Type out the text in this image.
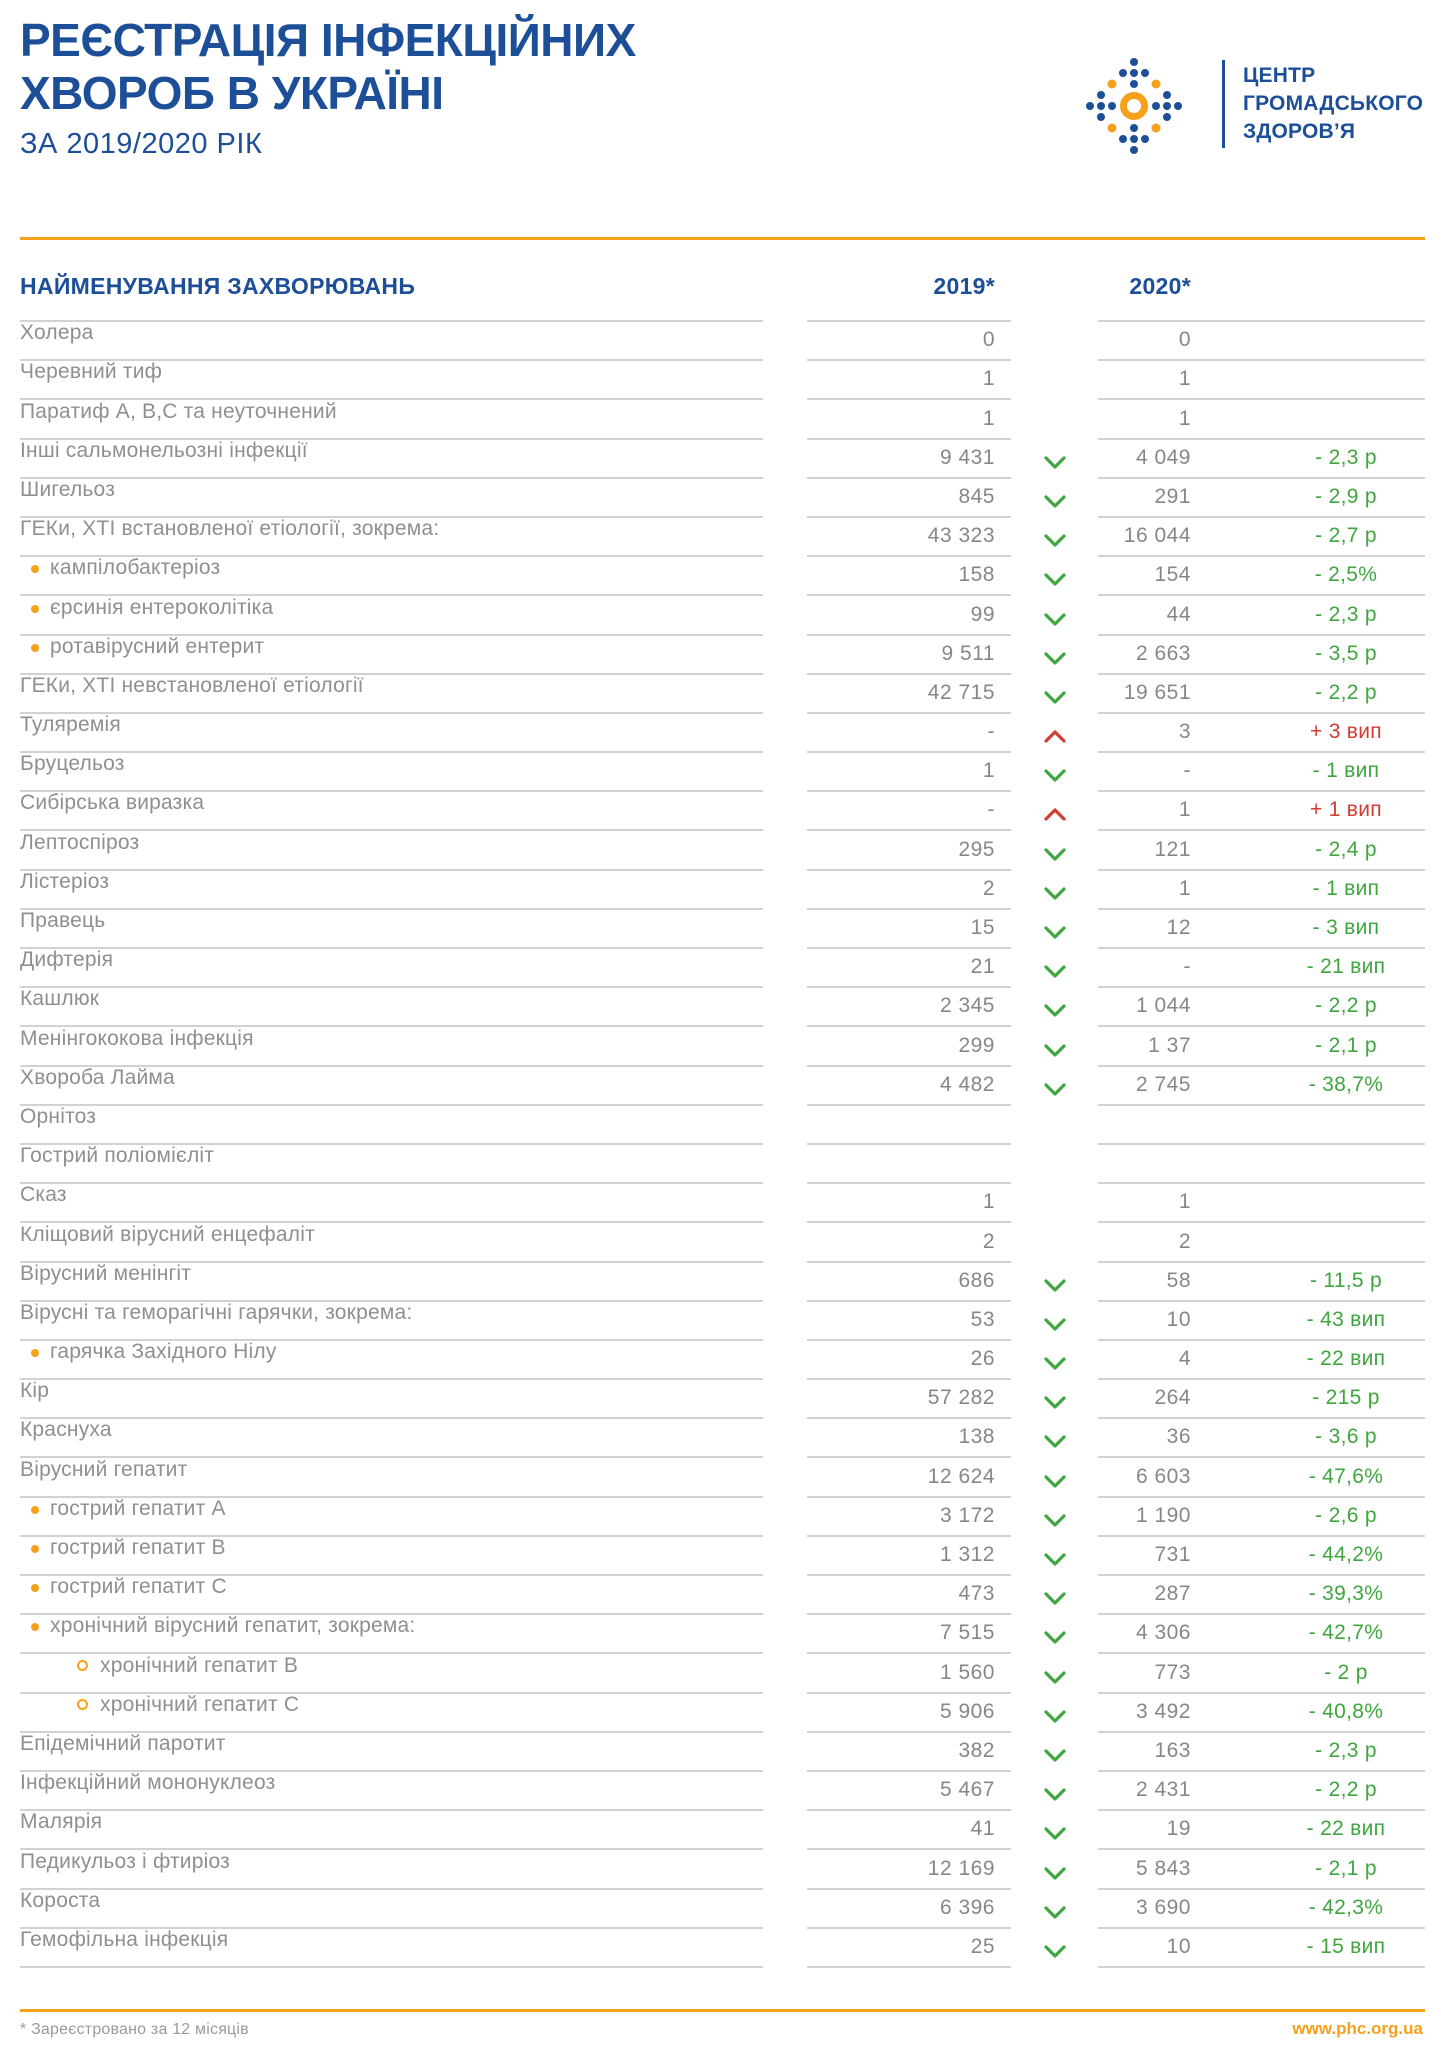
РЕЄСТРАЦІЯ ІНФЕКЦІЙНИХ
ХВОРОБ В УКРАЇНІ
ЗА 2019/2020 РІК
ЦЕНТР
ГРОМАДСЬКОГО
ЗДОРОВ’Я
НАЙМЕНУВАННЯ ЗАХВОРЮВАНЬ	2019*	2020*
Холера	0	0
Черевний тиф	1	1
Паратиф А, В,С та неуточнений	1	1
Інші сальмонельозні інфекції	9 431	4 049	- 2,3 р
Шигельоз	845	291	- 2,9 р
ГЕКи, ХТІ встановленої етіології, зокрема:	43 323	16 044	- 2,7 р
кампілобактеріоз	158	154	- 2,5%
єрсинія ентероколітіка	99	44	- 2,3 р
ротавірусний ентерит	9 511	2 663	- 3,5 р
ГЕКи, ХТІ невстановленої етіології	42 715	19 651	- 2,2 р
Туляремія	-	3	+ 3 вип
Бруцельоз	1	-	- 1 вип
Сибірська виразка	-	1	+ 1 вип
Лептоспіроз	295	121	- 2,4 р
Лістеріоз	2	1	- 1 вип
Правець	15	12	- 3 вип
Дифтерія	21	-	- 21 вип
Кашлюк	2 345	1 044	- 2,2 р
Менінгококова інфекція	299	1 37	- 2,1 р
Хвороба Лайма	4 482	2 745	- 38,7%
Орнітоз
Гострий поліомієліт
Сказ	1	1
Кліщовий вірусний енцефаліт	2	2
Вірусний менінгіт	686	58	- 11,5 р
Вірусні та геморагічні гарячки, зокрема:	53	10	- 43 вип
гарячка Західного Нілу	26	4	- 22 вип
Кір	57 282	264	- 215 р
Краснуха	138	36	- 3,6 р
Вірусний гепатит	12 624	6 603	- 47,6%
гострий гепатит А	3 172	1 190	- 2,6 р
гострий гепатит В	1 312	731	- 44,2%
гострий гепатит С	473	287	- 39,3%
хронічний вірусний гепатит, зокрема:	7 515	4 306	- 42,7%
хронічний гепатит В	1 560	773	- 2 р
хронічний гепатит С	5 906	3 492	- 40,8%
Епідемічний паротит	382	163	- 2,3 р
Інфекційний мононуклеоз	5 467	2 431	- 2,2 р
Малярія	41	19	- 22 вип
Педикульоз і фтиріоз	12 169	5 843	- 2,1 р
Короста	6 396	3 690	- 42,3%
Гемофільна інфекція	25	10	- 15 вип
* Зареєстровано за 12 місяців	www.phc.org.ua
